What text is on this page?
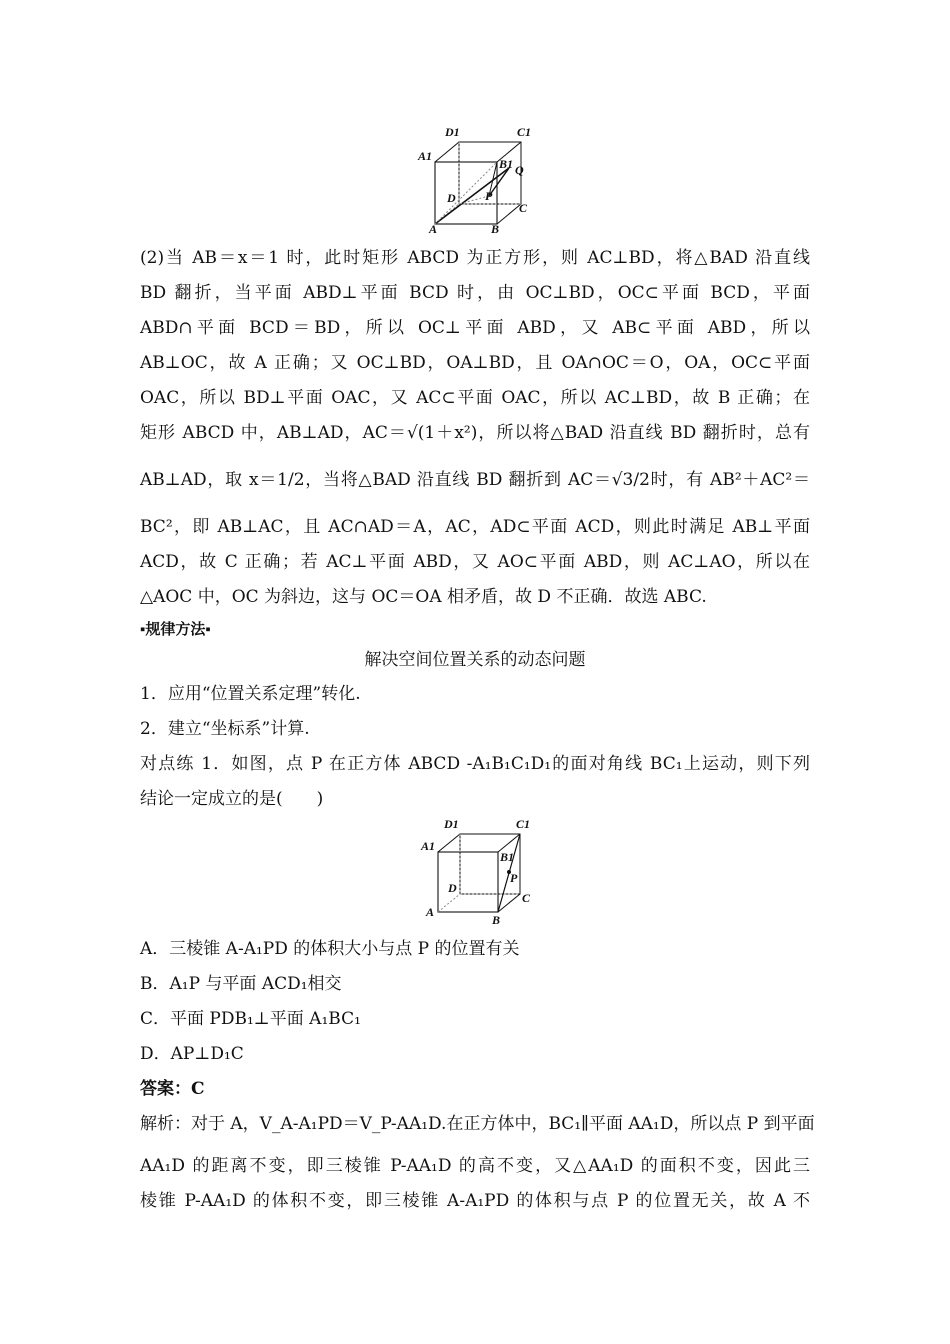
D1	C1
A1
B1 Q
D P
C
A	B
(2)当 AB＝x＝1 时，此时矩形 ABCD 为正方形，则 AC⊥BD，将△BAD 沿直线
BD 翻折，当平面 ABD⊥平面 BCD 时，由 OC⊥BD，OC⊂平面 BCD，平面
ABD∩平面 BCD＝BD，所以 OC⊥平面 ABD，又 AB⊂平面 ABD，所以
AB⊥OC，故 A 正确；又 OC⊥BD，OA⊥BD，且 OA∩OC＝O，OA，OC⊂平面
OAC，所以 BD⊥平面 OAC，又 AC⊂平面 OAC，所以 AC⊥BD，故 B 正确；在
矩形 ABCD 中，AB⊥AD，AC＝√(1＋x²)，所以将△BAD 沿直线 BD 翻折时，总有
AB⊥AD，取 x＝1/2，当将△BAD 沿直线 BD 翻折到 AC＝√3/2时，有 AB²＋AC²＝
BC²，即 AB⊥AC，且 AC∩AD＝A，AC，AD⊂平面 ACD，则此时满足 AB⊥平面
ACD，故 C 正确；若 AC⊥平面 ABD，又 AO⊂平面 ABD，则 AC⊥AO，所以在
△AOC 中，OC 为斜边，这与 OC＝OA 相矛盾，故 D 不正确．故选 ABC.
▪规律方法▪
解决空间位置关系的动态问题
1．应用“位置关系定理”转化.
2．建立“坐标系”计算.
对点练 1．如图，点 P 在正方体 ABCD -A₁B₁C₁D₁的面对角线 BC₁上运动，则下列
结论一定成立的是(　　)
D1	C1
A1
B1
P
D
C
A
B
A．三棱锥 A-A₁PD 的体积大小与点 P 的位置有关
B．A₁P 与平面 ACD₁相交
C．平面 PDB₁⊥平面 A₁BC₁
D．AP⊥D₁C
答案：C
解析：对于 A，V_A-A₁PD＝V_P-AA₁D.在正方体中，BC₁∥平面 AA₁D，所以点 P 到平面
AA₁D 的距离不变，即三棱锥 P-AA₁D 的高不变，又△AA₁D 的面积不变，因此三
棱锥 P-AA₁D 的体积不变，即三棱锥 A-A₁PD 的体积与点 P 的位置无关，故 A 不
